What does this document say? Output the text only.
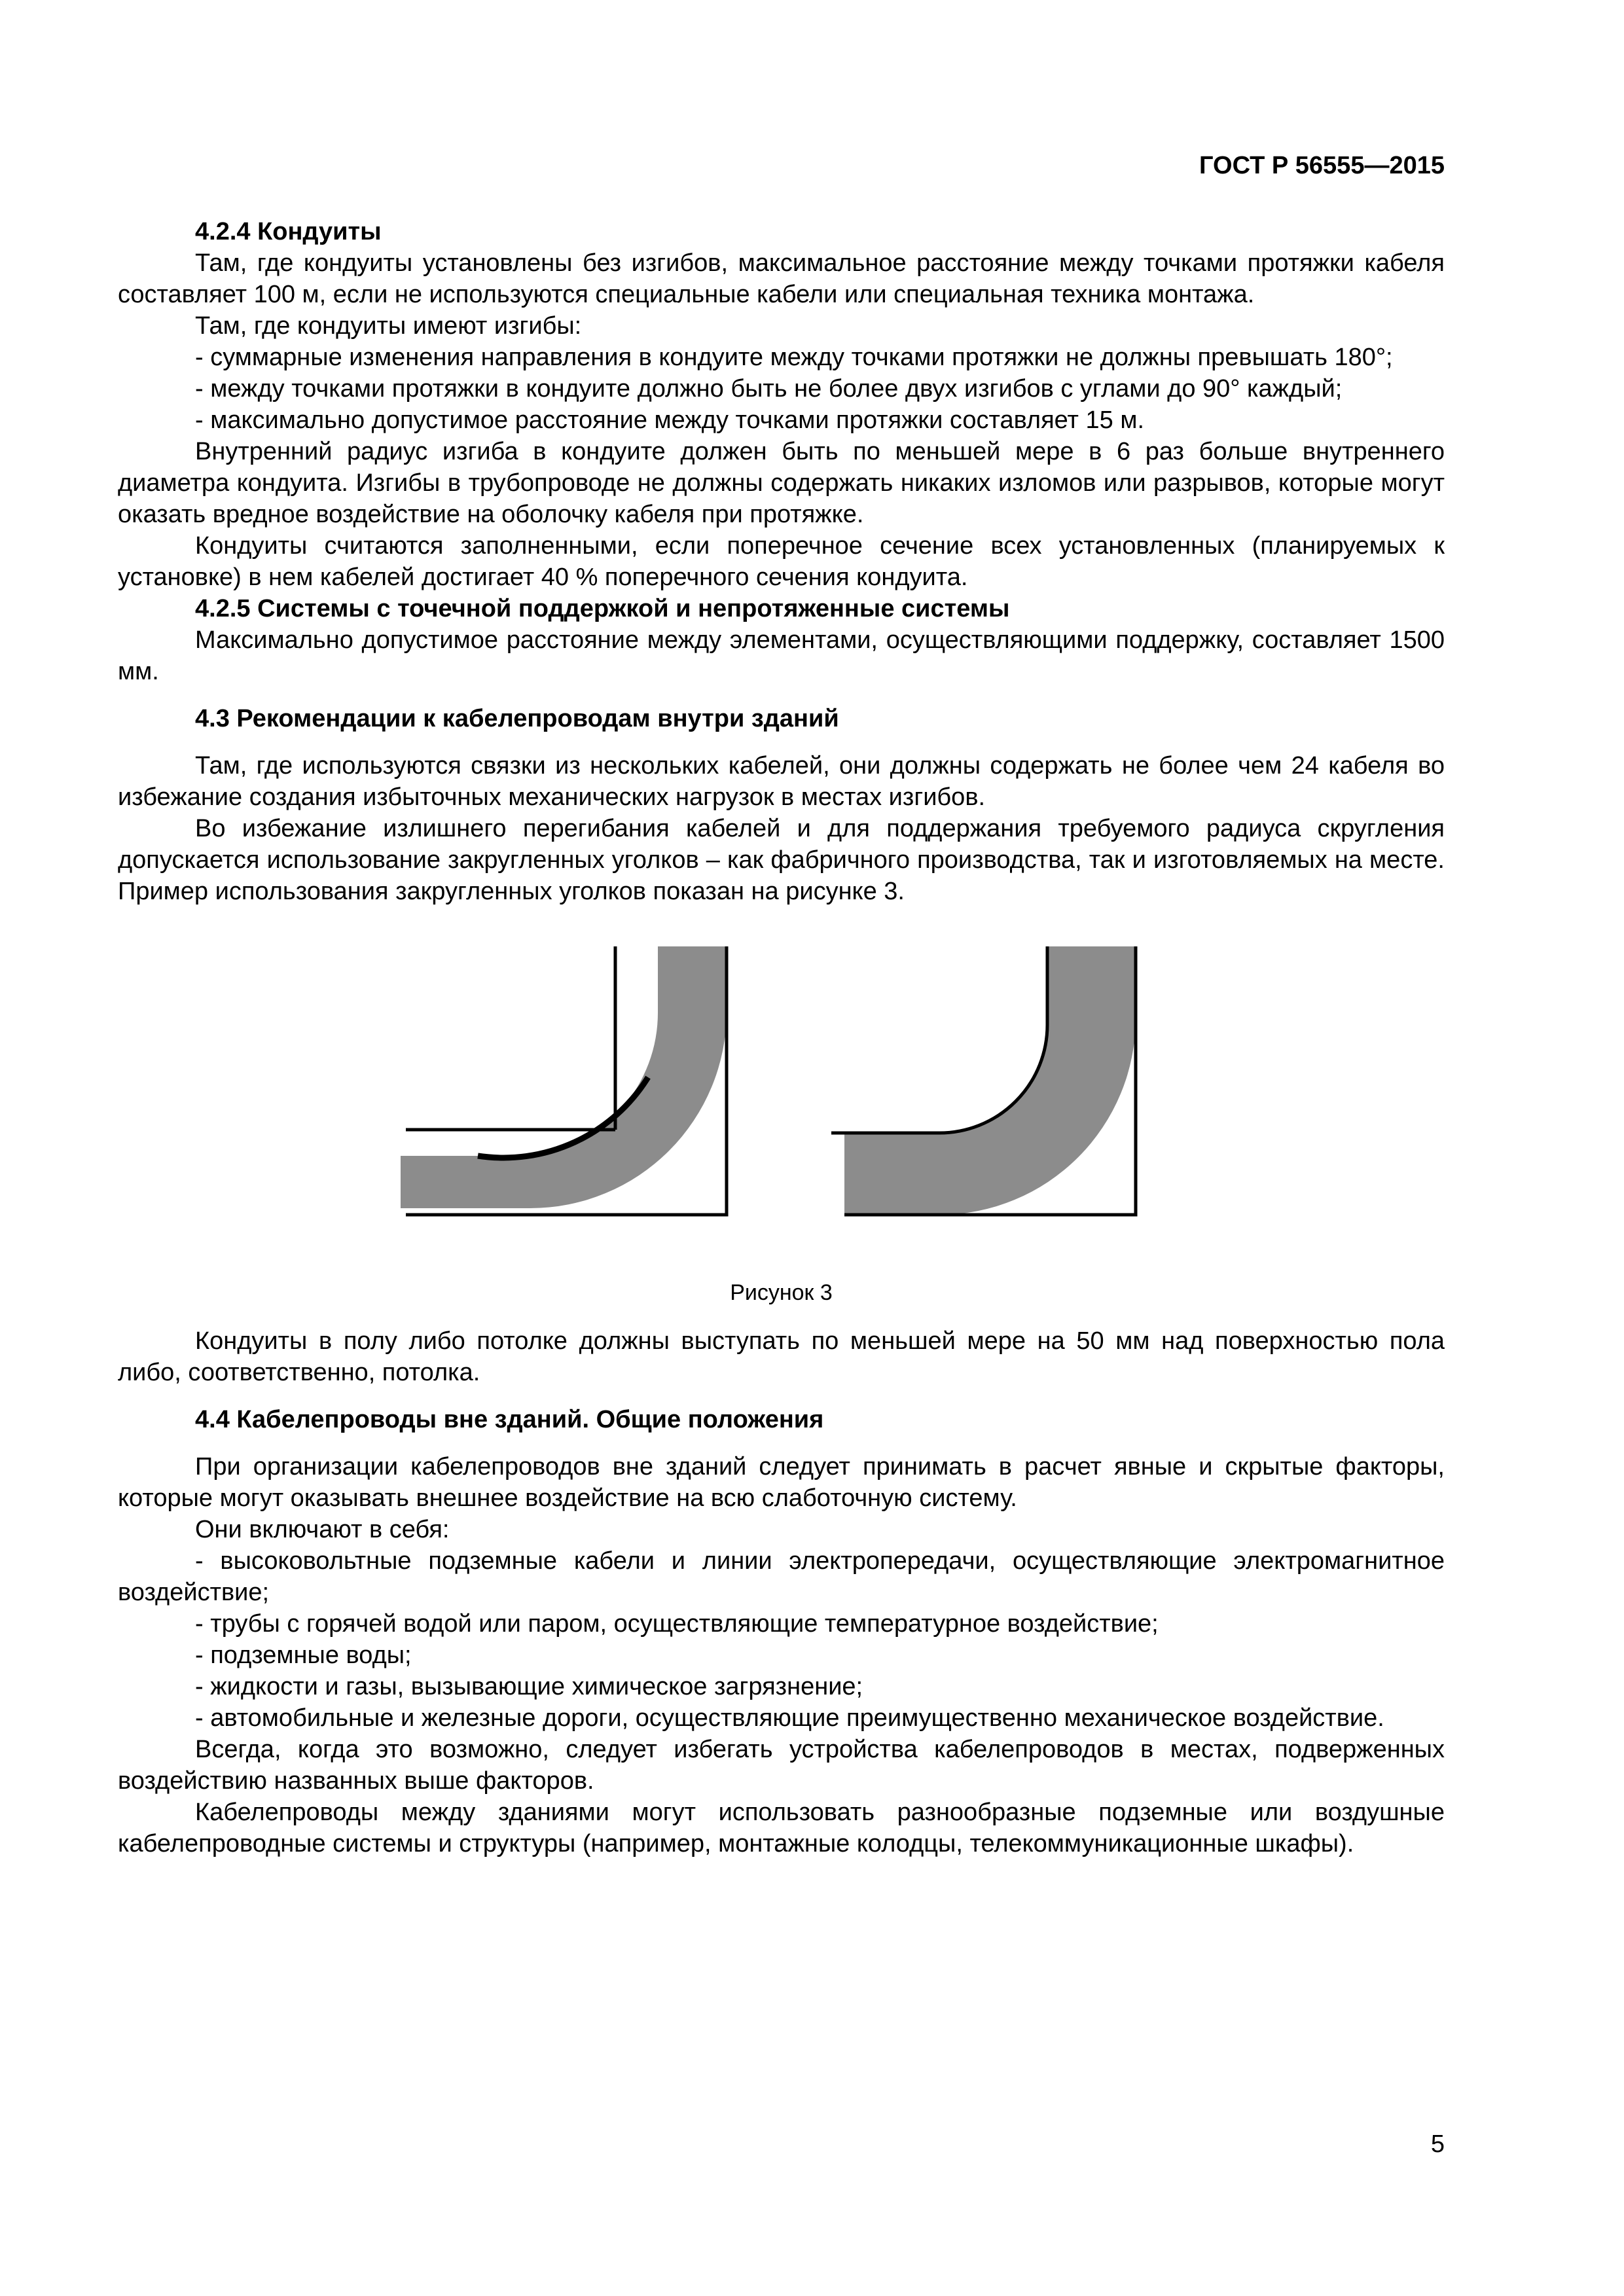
ГОСТ Р 56555—2015

4.2.4 Кондуиты

Там, где кондуиты установлены без изгибов, максимальное расстояние между точками протяжки кабеля составляет 100 м, если не используются специальные кабели или специальная техника монтажа.

Там, где кондуиты имеют изгибы:

- суммарные изменения направления в кондуите между точками протяжки не должны превышать 180°;

- между точками протяжки в кондуите должно быть не более двух изгибов с углами до 90° каждый;

- максимально допустимое расстояние между точками протяжки составляет 15 м.

Внутренний радиус изгиба в кондуите должен быть по меньшей мере в 6 раз больше внутреннего диаметра кондуита. Изгибы в трубопроводе не должны содержать никаких изломов или разрывов, которые могут оказать вредное воздействие на оболочку кабеля при протяжке.

Кондуиты считаются заполненными, если поперечное сечение всех установленных (планируемых к установке) в нем кабелей достигает 40 % поперечного сечения кондуита.

4.2.5 Системы с точечной поддержкой и непротяженные системы

Максимально допустимое расстояние между элементами, осуществляющими поддержку, составляет 1500 мм.

4.3 Рекомендации к кабелепроводам внутри зданий

Там, где используются связки из нескольких кабелей, они должны содержать не более чем 24 кабеля во избежание создания избыточных механических нагрузок в местах изгибов.

Во избежание излишнего перегибания кабелей и для поддержания требуемого радиуса скругления допускается использование закругленных уголков – как фабричного производства, так и изготовляемых на месте. Пример использования закругленных уголков показан на рисунке 3.

Рисунок 3

Кондуиты в полу либо потолке должны выступать по меньшей мере на 50 мм над поверхностью пола либо, соответственно, потолка.

4.4 Кабелепроводы вне зданий. Общие положения

При организации кабелепроводов вне зданий следует принимать в расчет явные и скрытые факторы, которые могут оказывать внешнее воздействие на всю слаботочную систему.

Они включают в себя:

- высоковольтные подземные кабели и линии электропередачи, осуществляющие электромагнитное воздействие;

- трубы с горячей водой или паром, осуществляющие температурное воздействие;

- подземные воды;

- жидкости и газы, вызывающие химическое загрязнение;

- автомобильные и железные дороги, осуществляющие преимущественно механическое воздействие.

Всегда, когда это возможно, следует избегать устройства кабелепроводов в местах, подверженных воздействию названных выше факторов.

Кабелепроводы между зданиями могут использовать разнообразные подземные или воздушные кабелепроводные системы и структуры (например, монтажные колодцы, телекоммуникационные шкафы).

5
